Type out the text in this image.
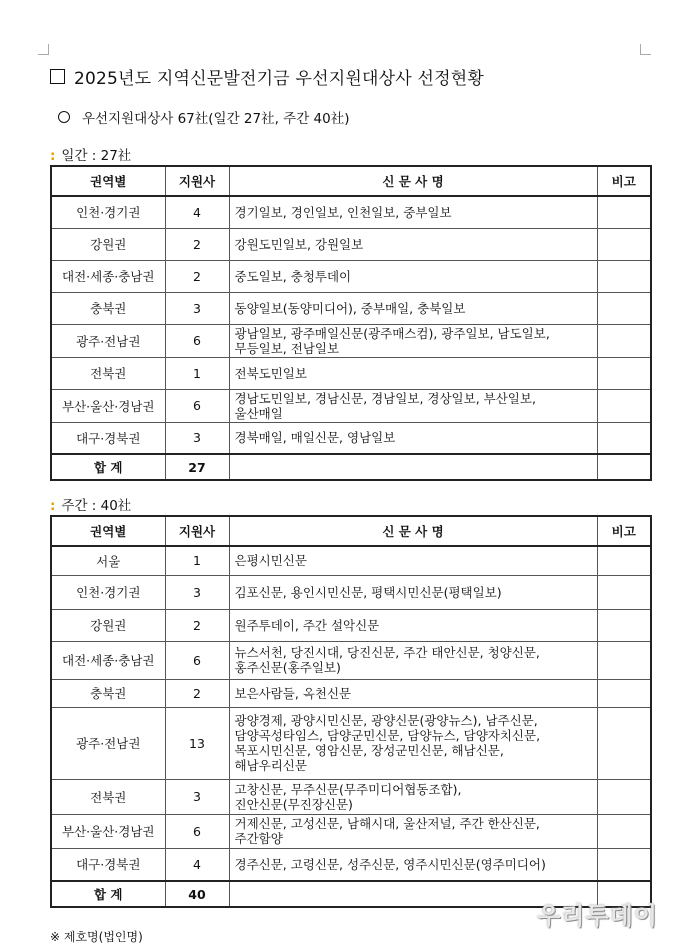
2025년도 지역신문발전기금 우선지원대상사 선정현황
우선지원대상사 67社(일간 27社, 주간 40社)
: 일간 : 27社
권역별	지원사	신 문 사 명	비고
인천·경기권	4	경기일보, 경인일보, 인천일보, 중부일보	

강원권	2	강원도민일보, 강원일보	

대전·세종·충남권	2	중도일보, 충청투데이	

충북권	3	동양일보(동양미디어), 중부매일, 충북일보	

광주·전남권	6	광남일보, 광주매일신문(광주매스컴), 광주일보, 남도일보,
무등일보, 전남일보	

전북권	1	전북도민일보	

부산·울산·경남권	6	경남도민일보, 경남신문, 경남일보, 경상일보, 부산일보,
울산매일	

대구·경북권	3	경북매일, 매일신문, 영남일보	

합 계	27		
: 주간 : 40社
권역별	지원사	신 문 사 명	비고
서울	1	은평시민신문	

인천·경기권	3	김포신문, 용인시민신문, 평택시민신문(평택일보)	

강원권	2	원주투데이, 주간 설악신문	

대전·세종·충남권	6	뉴스서천, 당진시대, 당진신문, 주간 태안신문, 청양신문,
홍주신문(홍주일보)	

충북권	2	보은사람들, 옥천신문	

광주·전남권	13	광양경제, 광양시민신문, 광양신문(광양뉴스), 남주신문,
담양곡성타임스, 담양군민신문, 담양뉴스, 담양자치신문,
목포시민신문, 영암신문, 장성군민신문, 해남신문,
해남우리신문	

전북권	3	고창신문, 무주신문(무주미디어협동조합),
진안신문(무진장신문)	

부산·울산·경남권	6	거제신문, 고성신문, 남해시대, 울산저널, 주간 한산신문,
주간함양	

대구·경북권	4	경주신문, 고령신문, 성주신문, 영주시민신문(영주미디어)	

합 계	40		
※ 제호명(법인명)
우리투데이
